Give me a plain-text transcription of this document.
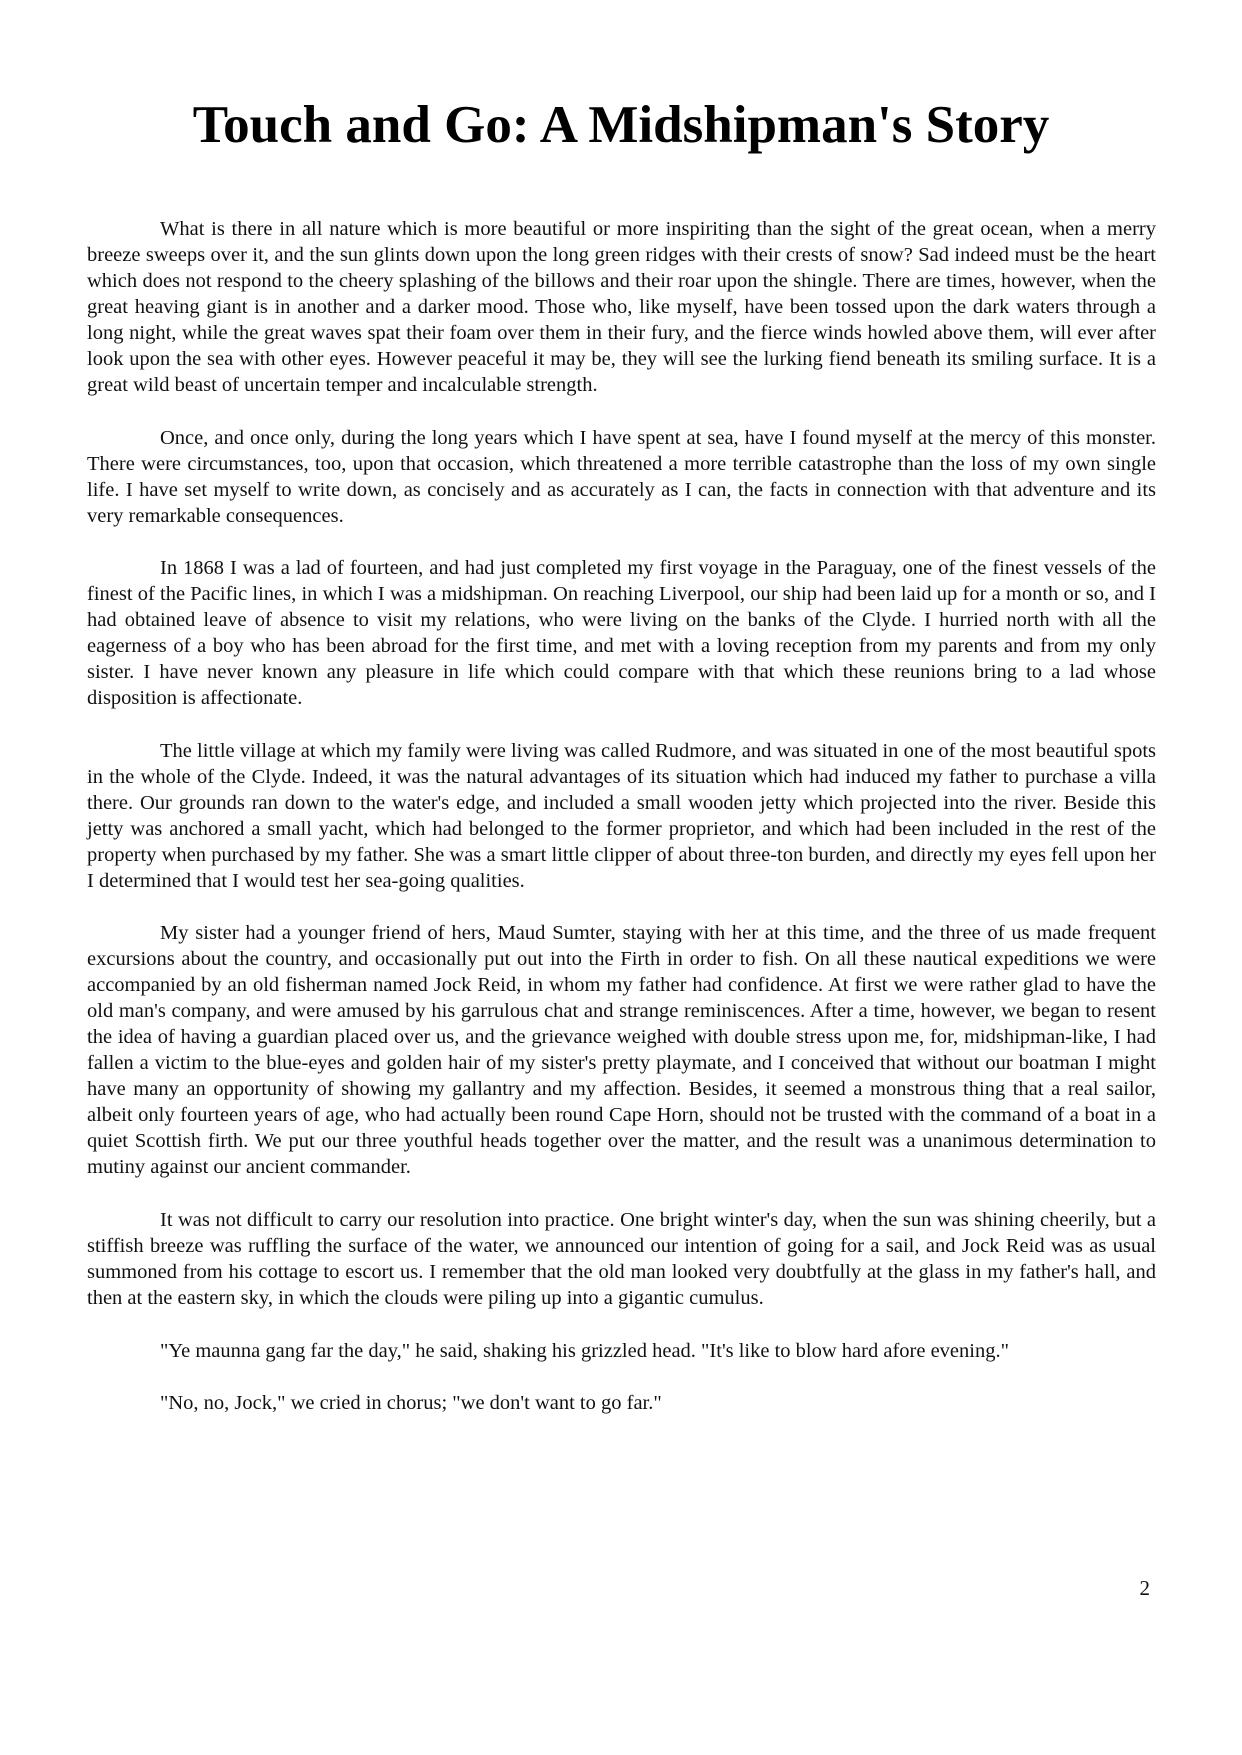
Touch and Go: A Midshipman's Story

What is there in all nature which is more beautiful or more inspiriting than the sight of the great ocean, when a merry breeze sweeps over it, and the sun glints down upon the long green ridges with their crests of snow? Sad indeed must be the heart which does not respond to the cheery splashing of the billows and their roar upon the shingle. There are times, however, when the great heaving giant is in another and a darker mood. Those who, like myself, have been tossed upon the dark waters through a long night, while the great waves spat their foam over them in their fury, and the fierce winds howled above them, will ever after look upon the sea with other eyes. However peaceful it may be, they will see the lurking fiend beneath its smiling surface. It is a great wild beast of uncertain temper and incalculable strength.

Once, and once only, during the long years which I have spent at sea, have I found myself at the mercy of this monster. There were circumstances, too, upon that occasion, which threatened a more terrible catastrophe than the loss of my own single life. I have set myself to write down, as concisely and as accurately as I can, the facts in connection with that adventure and its very remarkable consequences.

In 1868 I was a lad of fourteen, and had just completed my first voyage in the Paraguay, one of the finest vessels of the finest of the Pacific lines, in which I was a midshipman. On reaching Liverpool, our ship had been laid up for a month or so, and I had obtained leave of absence to visit my relations, who were living on the banks of the Clyde. I hurried north with all the eagerness of a boy who has been abroad for the first time, and met with a loving reception from my parents and from my only sister. I have never known any pleasure in life which could compare with that which these reunions bring to a lad whose disposition is affectionate.

The little village at which my family were living was called Rudmore, and was situated in one of the most beautiful spots in the whole of the Clyde. Indeed, it was the natural advantages of its situation which had induced my father to purchase a villa there. Our grounds ran down to the water's edge, and included a small wooden jetty which projected into the river. Beside this jetty was anchored a small yacht, which had belonged to the former proprietor, and which had been included in the rest of the property when purchased by my father. She was a smart little clipper of about three-ton burden, and directly my eyes fell upon her I determined that I would test her sea-going qualities.

My sister had a younger friend of hers, Maud Sumter, staying with her at this time, and the three of us made frequent excursions about the country, and occasionally put out into the Firth in order to fish. On all these nautical expeditions we were accompanied by an old fisherman named Jock Reid, in whom my father had confidence. At first we were rather glad to have the old man's company, and were amused by his garrulous chat and strange reminiscences. After a time, however, we began to resent the idea of having a guardian placed over us, and the grievance weighed with double stress upon me, for, midshipman-like, I had fallen a victim to the blue-eyes and golden hair of my sister's pretty playmate, and I conceived that without our boatman I might have many an opportunity of showing my gallantry and my affection. Besides, it seemed a monstrous thing that a real sailor, albeit only fourteen years of age, who had actually been round Cape Horn, should not be trusted with the command of a boat in a quiet Scottish firth. We put our three youthful heads together over the matter, and the result was a unanimous determination to mutiny against our ancient commander.

It was not difficult to carry our resolution into practice. One bright winter's day, when the sun was shining cheerily, but a stiffish breeze was ruffling the surface of the water, we announced our intention of going for a sail, and Jock Reid was as usual summoned from his cottage to escort us. I remember that the old man looked very doubtfully at the glass in my father's hall, and then at the eastern sky, in which the clouds were piling up into a gigantic cumulus.

"Ye maunna gang far the day," he said, shaking his grizzled head. "It's like to blow hard afore evening."

"No, no, Jock," we cried in chorus; "we don't want to go far."

2
